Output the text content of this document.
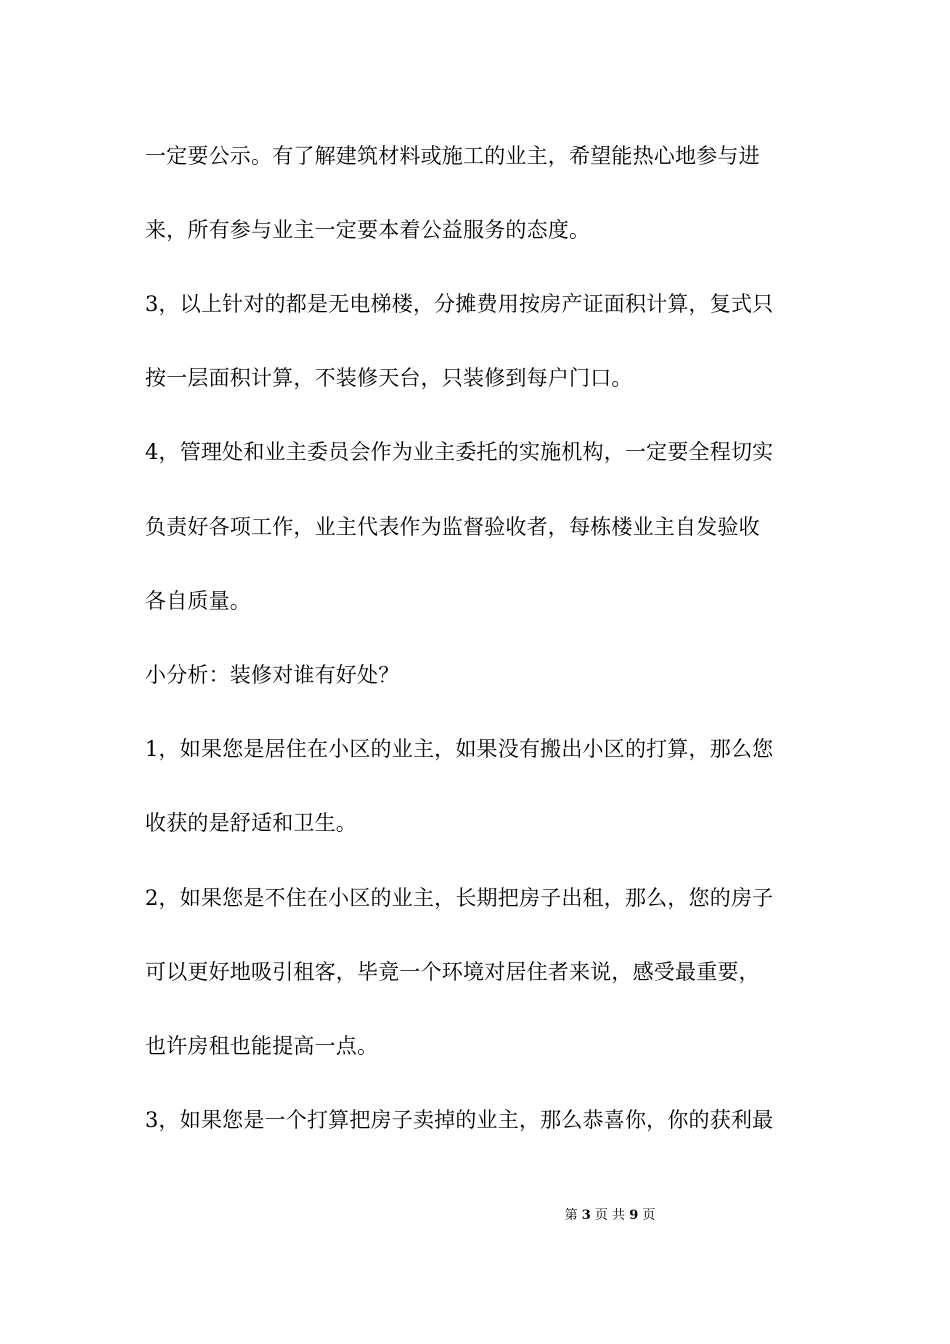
一定要公示。有了解建筑材料或施工的业主，希望能热心地参与进
来，所有参与业主一定要本着公益服务的态度。
3，以上针对的都是无电梯楼，分摊费用按房产证面积计算，复式只
按一层面积计算，不装修天台，只装修到每户门口。
4，管理处和业主委员会作为业主委托的实施机构，一定要全程切实
负责好各项工作，业主代表作为监督验收者，每栋楼业主自发验收
各自质量。
小分析：装修对谁有好处？
1，如果您是居住在小区的业主，如果没有搬出小区的打算，那么您
收获的是舒适和卫生。
2，如果您是不住在小区的业主，长期把房子出租，那么，您的房子
可以更好地吸引租客，毕竟一个环境对居住者来说，感受最重要，
也许房租也能提高一点。
3，如果您是一个打算把房子卖掉的业主，那么恭喜你，你的获利最
第 3 页 共 9 页
